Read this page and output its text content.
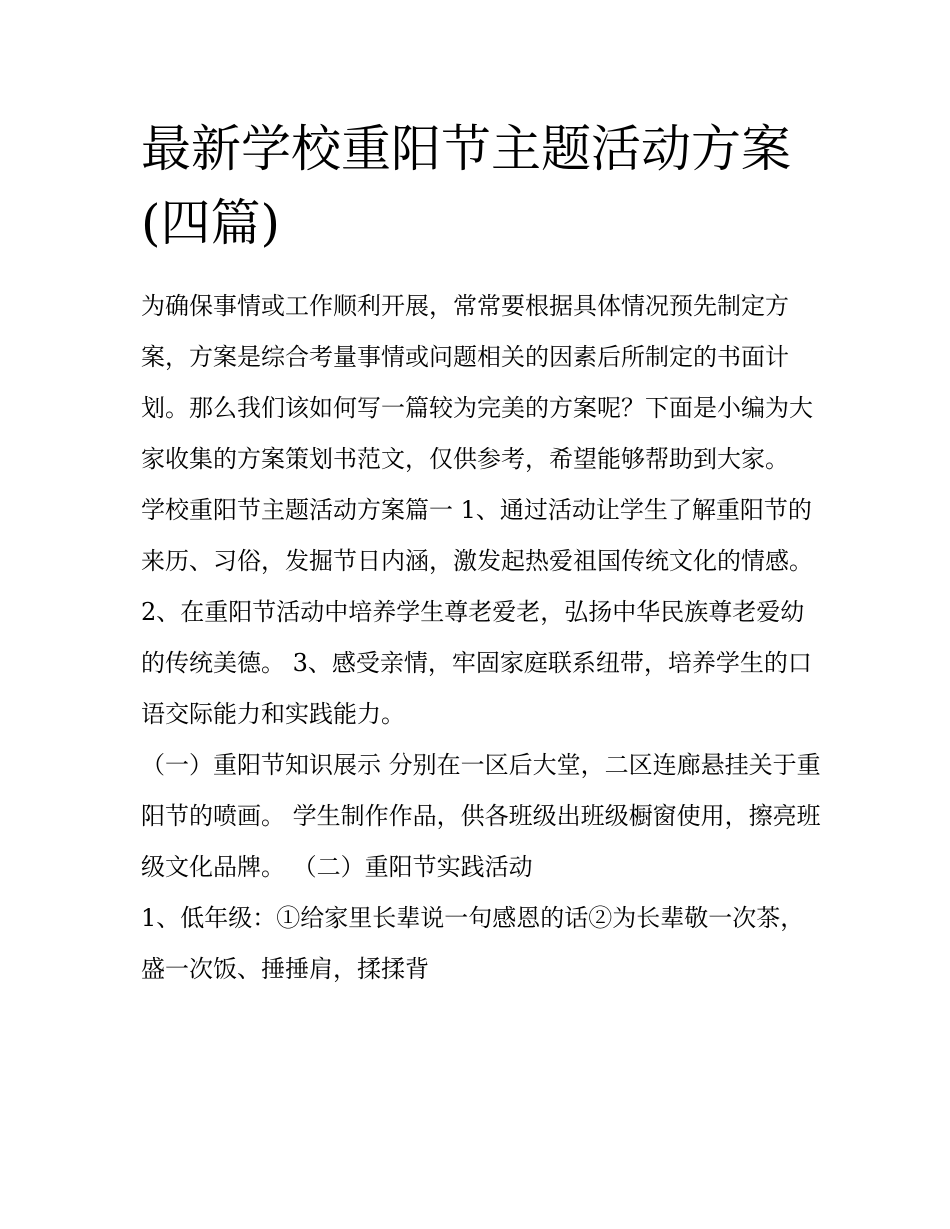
最新学校重阳节主题活动方案(四篇)

为确保事情或工作顺利开展，常常要根据具体情况预先制定方案，方案是综合考量事情或问题相关的因素后所制定的书面计划。那么我们该如何写一篇较为完美的方案呢？下面是小编为大家收集的方案策划书范文，仅供参考，希望能够帮助到大家。

学校重阳节主题活动方案篇一 1、通过活动让学生了解重阳节的来历、习俗，发掘节日内涵，激发起热爱祖国传统文化的情感。

2、在重阳节活动中培养学生尊老爱老，弘扬中华民族尊老爱幼的传统美德。 3、感受亲情，牢固家庭联系纽带，培养学生的口语交际能力和实践能力。

（一）重阳节知识展示 分别在一区后大堂，二区连廊悬挂关于重阳节的喷画。 学生制作作品，供各班级出班级橱窗使用，擦亮班级文化品牌。 （二）重阳节实践活动

1、低年级：①给家里长辈说一句感恩的话②为长辈敬一次茶，盛一次饭、捶捶肩，揉揉背
